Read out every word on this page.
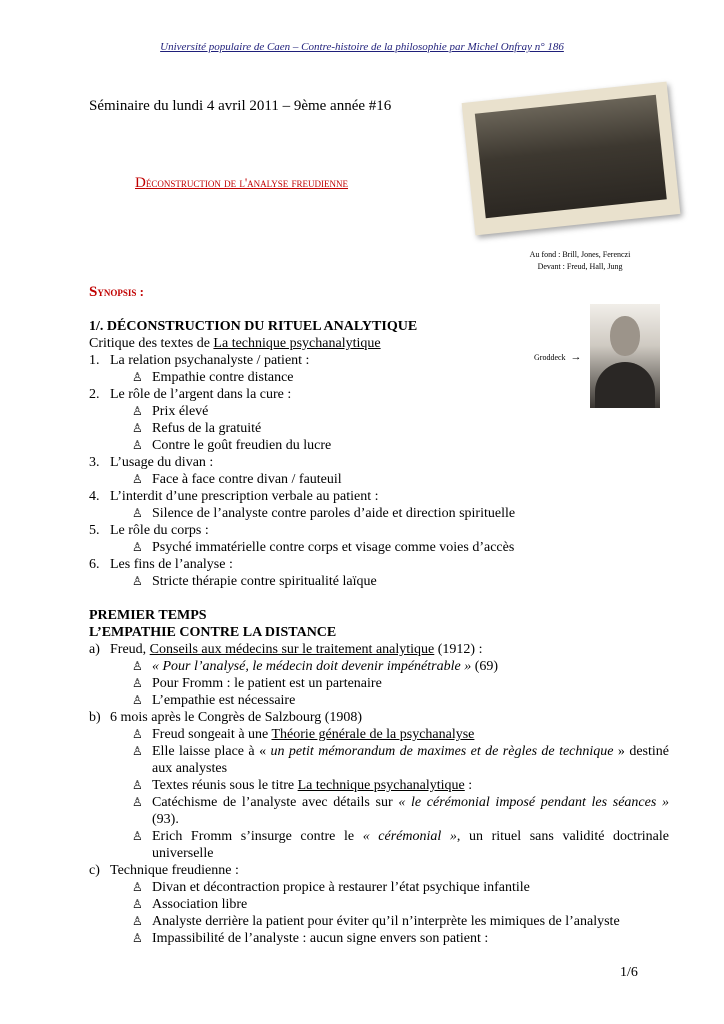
Université populaire de Caen – Contre-histoire de la philosophie par Michel Onfray n° 186
Séminaire du lundi 4 avril 2011 – 9ème année #16
Déconstruction de l'analyse freudienne
Au fond : Brill, Jones, Ferenczi
Devant : Freud, Hall, Jung
Synopsis :
Groddeck →
1/. DÉCONSTRUCTION DU RITUEL ANALYTIQUE
Critique des textes de La technique psychanalytique
1. La relation psychanalyste / patient :
♙ Empathie contre distance
2. Le rôle de l’argent dans la cure :
♙ Prix élevé
♙ Refus de la gratuité
♙ Contre le goût freudien du lucre
3. L’usage du divan :
♙ Face à face contre divan / fauteuil
4. L’interdit d’une prescription verbale au patient :
♙ Silence de l’analyste contre paroles d’aide et direction spirituelle
5. Le rôle du corps :
♙ Psyché immatérielle contre corps et visage comme voies d’accès
6. Les fins de l’analyse :
♙ Stricte thérapie contre spiritualité laïque
PREMIER TEMPS
L’EMPATHIE CONTRE LA DISTANCE
a) Freud, Conseils aux médecins sur le traitement analytique (1912) :
♙ « Pour l’analysé, le médecin doit devenir impénétrable » (69)
♙ Pour Fromm : le patient est un partenaire
♙ L’empathie est nécessaire
b) 6 mois après le Congrès de Salzbourg (1908)
♙ Freud songeait à une Théorie générale de la psychanalyse
♙ Elle laisse place à « un petit mémorandum de maximes et de règles de technique » destiné aux analystes
♙ Textes réunis sous le titre La technique psychanalytique :
♙ Catéchisme de l’analyste avec détails sur « le cérémonial imposé pendant les séances » (93).
♙ Erich Fromm s’insurge contre le « cérémonial », un rituel sans validité doctrinale universelle
c) Technique freudienne :
♙ Divan et décontraction propice à restaurer l’état psychique infantile
♙ Association libre
♙ Analyste derrière la patient pour éviter qu’il n’interprète les mimiques de l’analyste
♙ Impassibilité de l’analyste : aucun signe envers son patient :
1/6
